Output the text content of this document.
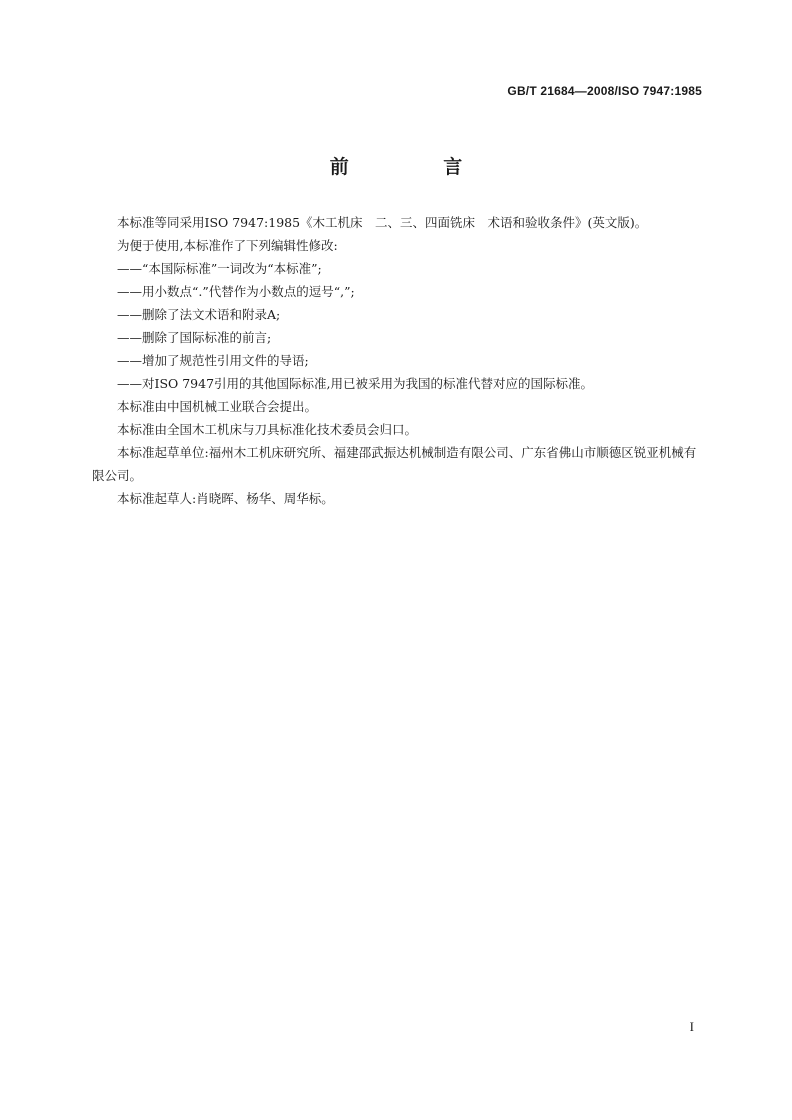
GB/T 21684—2008/ISO 7947:1985
前 言

本标准等同采用ISO 7947:1985《木工机床　二、三、四面铣床　术语和验收条件》(英文版)。

为便于使用,本标准作了下列编辑性修改:

——“本国际标准”一词改为“本标准”;

——用小数点“.”代替作为小数点的逗号“,”;

——删除了法文术语和附录A;

——删除了国际标准的前言;

——增加了规范性引用文件的导语;

——对ISO 7947引用的其他国际标准,用已被采用为我国的标准代替对应的国际标准。

本标准由中国机械工业联合会提出。

本标准由全国木工机床与刀具标准化技术委员会归口。

本标准起草单位:福州木工机床研究所、福建邵武振达机械制造有限公司、广东省佛山市顺德区锐亚机械有限公司。

本标准起草人:肖晓晖、杨华、周华标。

I
